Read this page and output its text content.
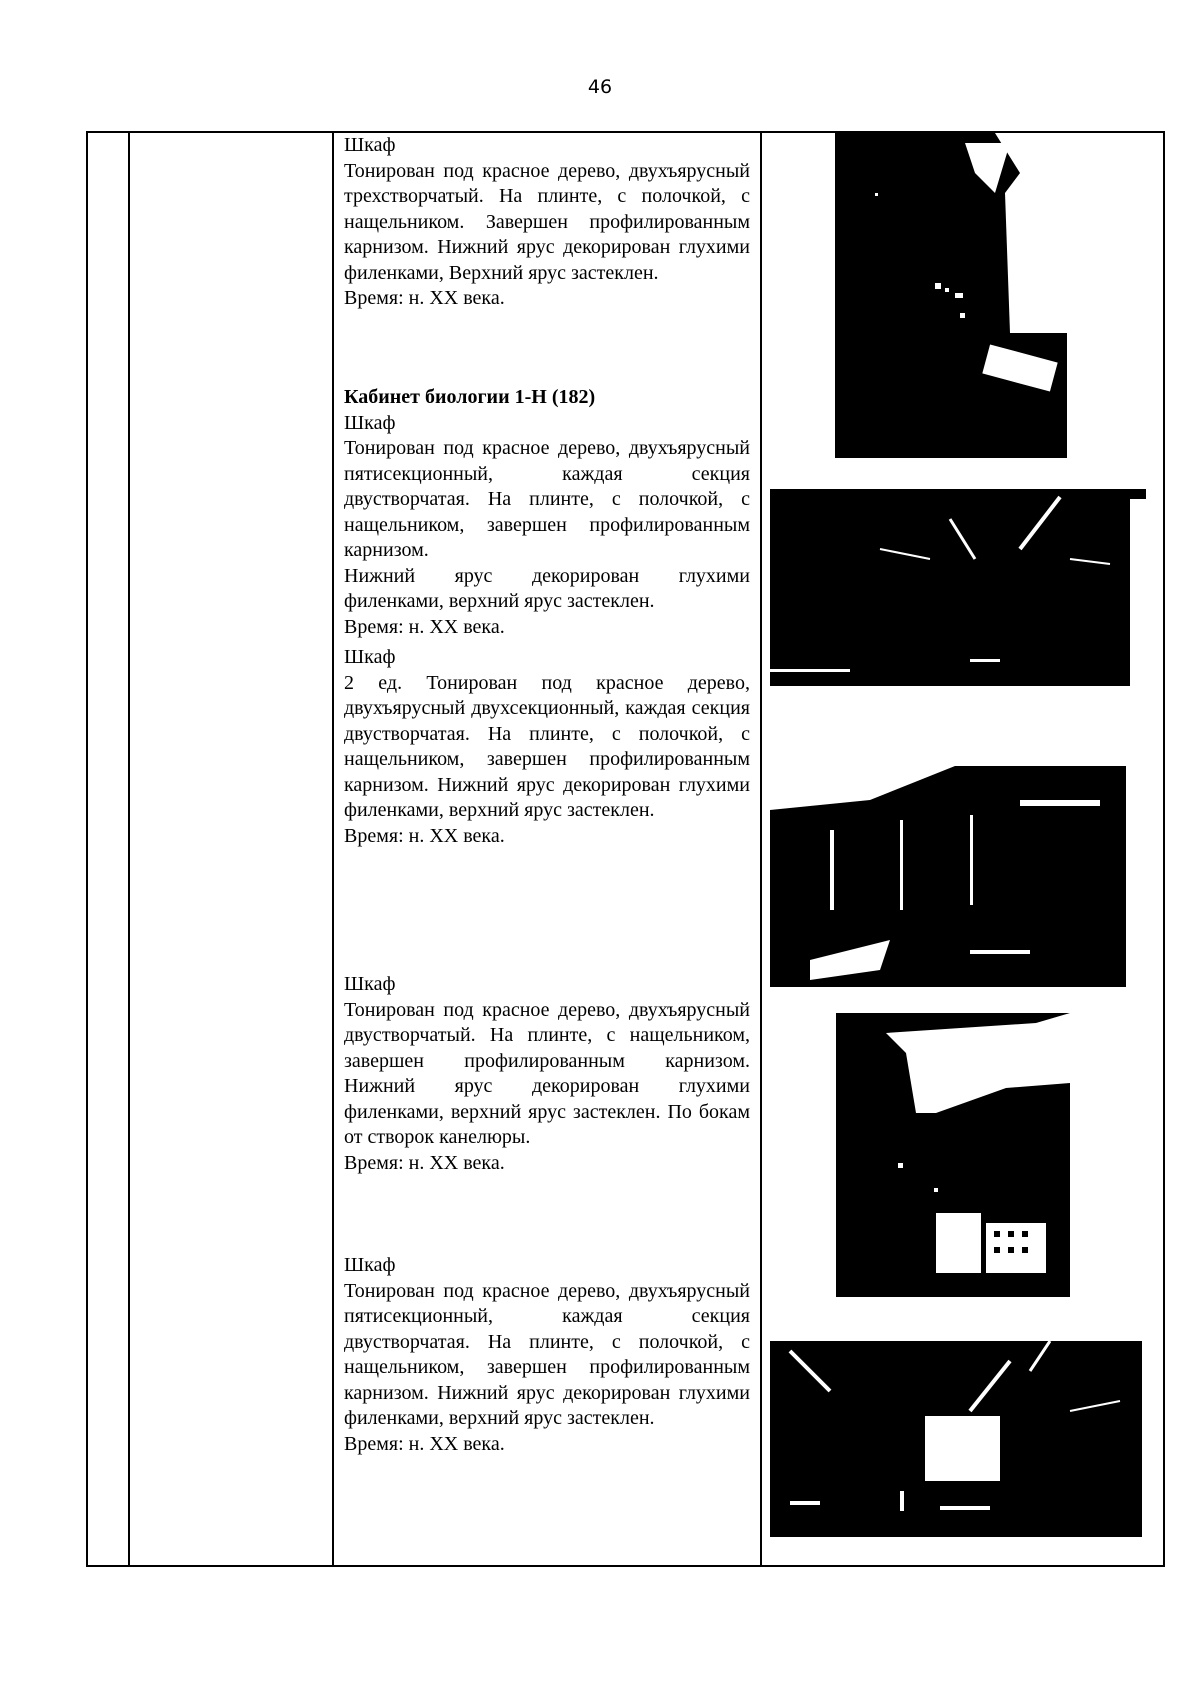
46

Шкаф

Тонирован под красное дерево, двухъярусный трехстворчатый. На плинте, с полочкой, с нащельником. Завершен профилированным карнизом. Нижний ярус декорирован глухими филенками, Верхний ярус застеклен.

Время: н. XX века.

Кабинет биологии 1-Н (182)

Шкаф

Тонирован под красное дерево, двухъярусный пятисекционный, каждая секция двустворчатая. На плинте, с полочкой, с нащельником, завершен профилированным карнизом.

Нижний ярус декорирован глухими филенками, верхний ярус застеклен.

Время: н. XX века.

Шкаф

2 ед. Тонирован под красное дерево, двухъярусный двухсекционный, каждая секция двустворчатая. На плинте, с полочкой, с нащельником, завершен профилированным карнизом. Нижний ярус декорирован глухими филенками, верхний ярус застеклен.

Время: н. XX века.

Шкаф

Тонирован под красное дерево, двухъярусный двустворчатый. На плинте, с нащельником, завершен профилированным карнизом. Нижний ярус декорирован глухими филенками, верхний ярус застеклен. По бокам от створок канелюры.

Время: н. XX века.

Шкаф

Тонирован под красное дерево, двухъярусный пятисекционный, каждая секция двустворчатая. На плинте, с полочкой, с нащельником, завершен профилированным карнизом. Нижний ярус декорирован глухими филенками, верхний ярус застеклен.

Время: н. XX века.
